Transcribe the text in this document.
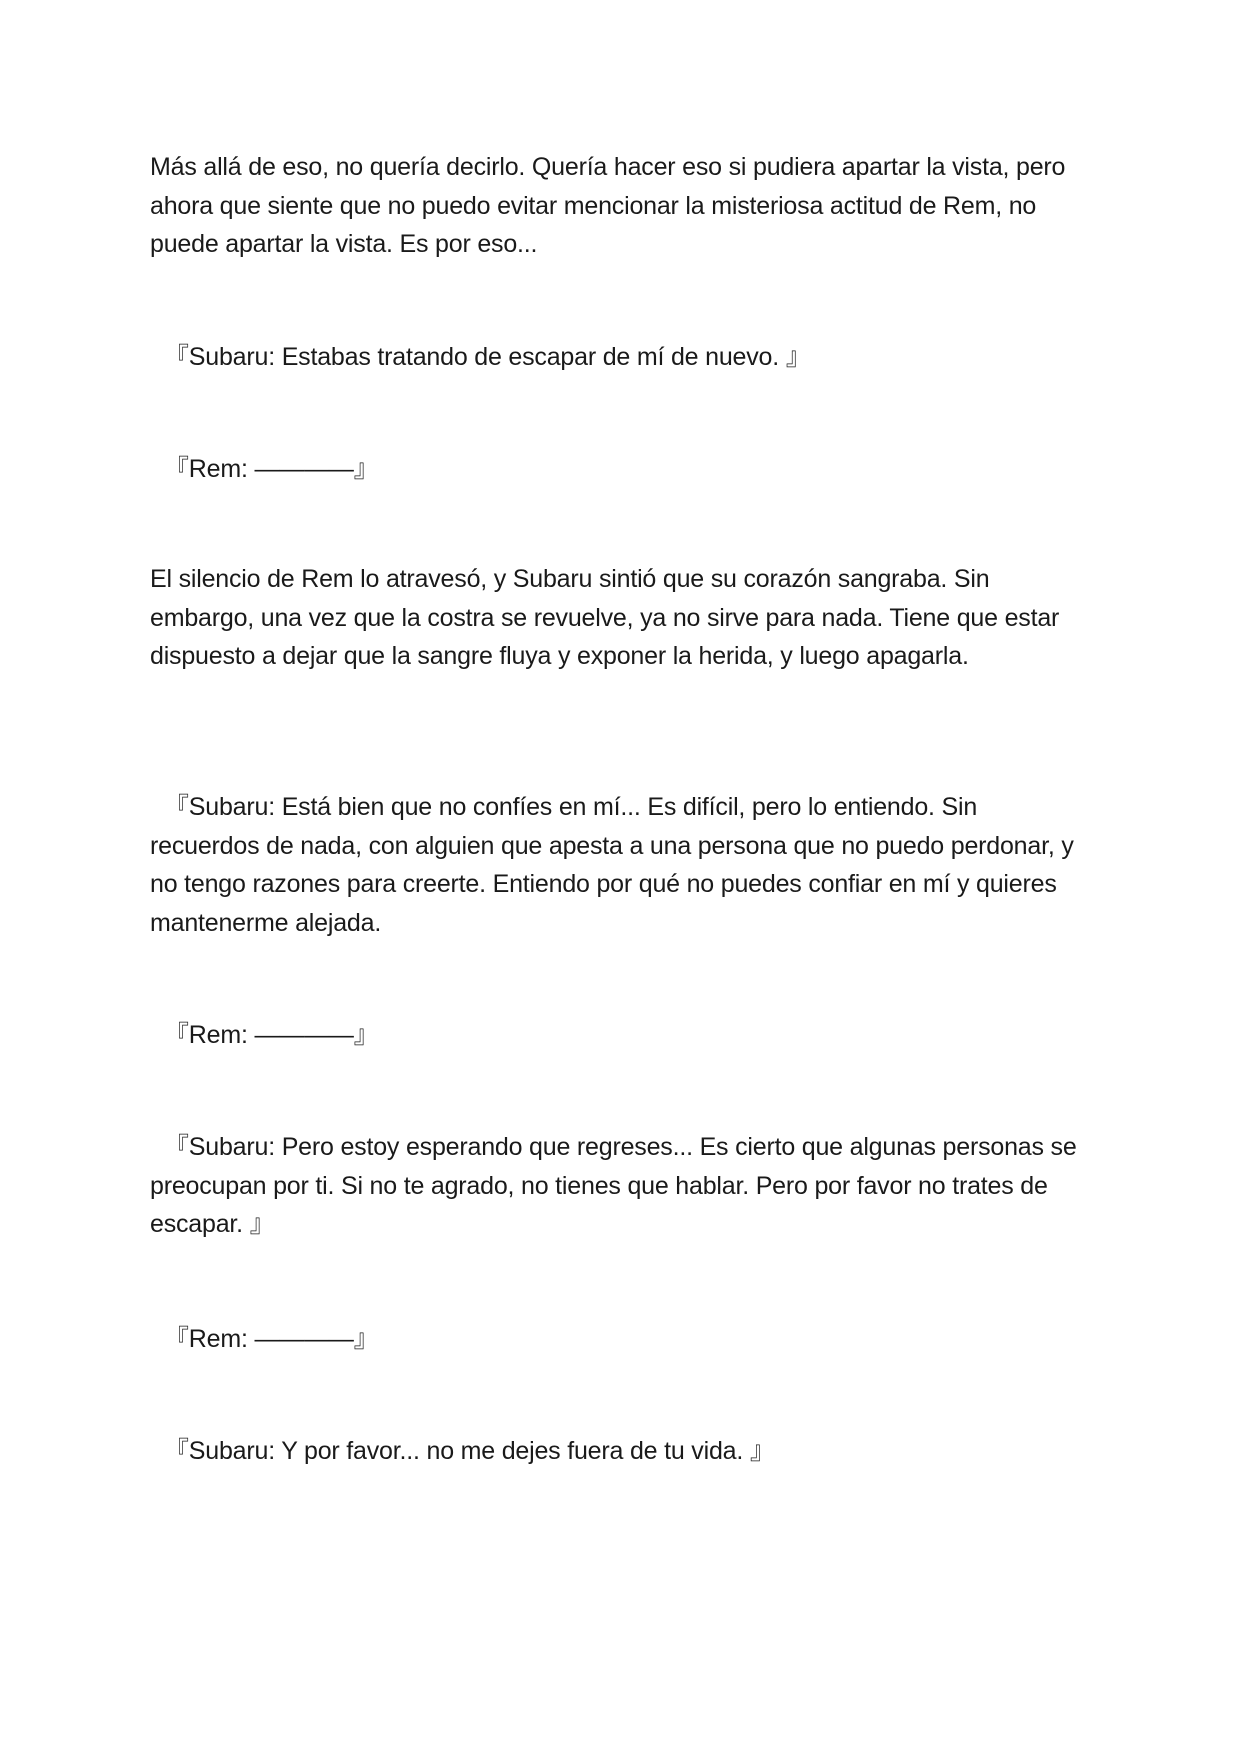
Más allá de eso, no quería decirlo. Quería hacer eso si pudiera apartar la vista, pero ahora que siente que no puedo evitar mencionar la misteriosa actitud de Rem, no puede apartar la vista. Es por eso...

『Subaru: Estabas tratando de escapar de mí de nuevo. 』

『Rem: ————』

El silencio de Rem lo atravesó, y Subaru sintió que su corazón sangraba. Sin embargo, una vez que la costra se revuelve, ya no sirve para nada. Tiene que estar dispuesto a dejar que la sangre fluya y exponer la herida, y luego apagarla.

『Subaru: Está bien que no confíes en mí... Es difícil, pero lo entiendo. Sin recuerdos de nada, con alguien que apesta a una persona que no puedo perdonar, y no tengo razones para creerte. Entiendo por qué no puedes confiar en mí y quieres mantenerme alejada.

『Rem: ————』

『Subaru: Pero estoy esperando que regreses... Es cierto que algunas personas se preocupan por ti. Si no te agrado, no tienes que hablar. Pero por favor no trates de escapar. 』

『Rem: ————』

『Subaru: Y por favor... no me dejes fuera de tu vida. 』
